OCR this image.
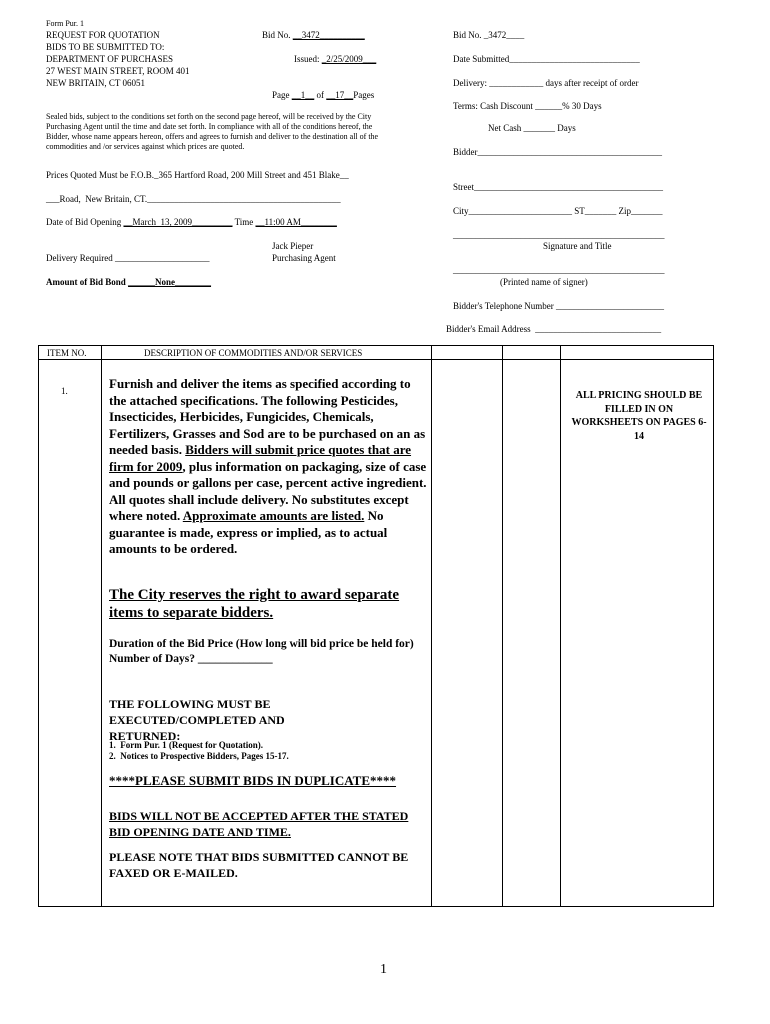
Form Pur. 1
REQUEST FOR QUOTATION
BIDS TO BE SUBMITTED TO:
DEPARTMENT OF PURCHASES
27 WEST MAIN STREET, ROOM 401
NEW BRITAIN, CT 06051
Bid No. __3472__________
Issued: _2/25/2009___
Page __1__ of __17__Pages
Sealed bids, subject to the conditions set forth on the second page hereof, will be received by the City Purchasing Agent until the time and date set forth. In compliance with all of the conditions hereof, the Bidder, whose name appears hereon, offers and agrees to furnish and deliver to the destination all of the commodities and /or services against which prices are quoted.
Prices Quoted Must be F.O.B._365 Hartford Road, 200 Mill Street and 451 Blake__
___Road,  New Britain, CT.___________________________________________
Date of Bid Opening __March  13, 2009_________ Time __11:00 AM________
Jack Pieper
Purchasing Agent
Delivery Required _____________________
Amount of Bid Bond ______None________
Bid No. _3472____
Date Submitted_____________________________
Delivery: ____________ days after receipt of order
Terms: Cash Discount ______% 30 Days
Net Cash _______ Days
Bidder_________________________________________
Street__________________________________________
City_______________________ ST_______ Zip_______
_______________________________________________
Signature and Title
_______________________________________________
(Printed name of signer)
Bidder's Telephone Number ________________________
Bidder's Email Address  ____________________________
ITEM NO.	DESCRIPTION OF COMMODITIES AND/OR SERVICES
1.	Furnish and deliver the items as specified according to the attached specifications. The following Pesticides, Insecticides, Herbicides, Fungicides, Chemicals, Fertilizers, Grasses and Sod are to be purchased on an as needed basis. Bidders will submit price quotes that are firm for 2009, plus information on packaging, size of case and pounds or gallons per case, percent active ingredient. All quotes shall include delivery. No substitutes except where noted. Approximate amounts are listed. No guarantee is made, express or implied, as to actual amounts to be ordered.
The City reserves the right to award separate items to separate bidders.
Duration of the Bid Price (How long will bid price be held for) Number of Days? _____________
THE FOLLOWING MUST BE EXECUTED/COMPLETED AND RETURNED:
1.  Form Pur. 1 (Request for Quotation).
2.  Notices to Prospective Bidders, Pages 15-17.
****PLEASE SUBMIT BIDS IN DUPLICATE****
BIDS WILL NOT BE ACCEPTED AFTER THE STATED BID OPENING DATE AND TIME.
PLEASE NOTE THAT BIDS SUBMITTED CANNOT BE FAXED OR E-MAILED.
ALL PRICING SHOULD BE FILLED IN ON WORKSHEETS ON PAGES 6-14
1
